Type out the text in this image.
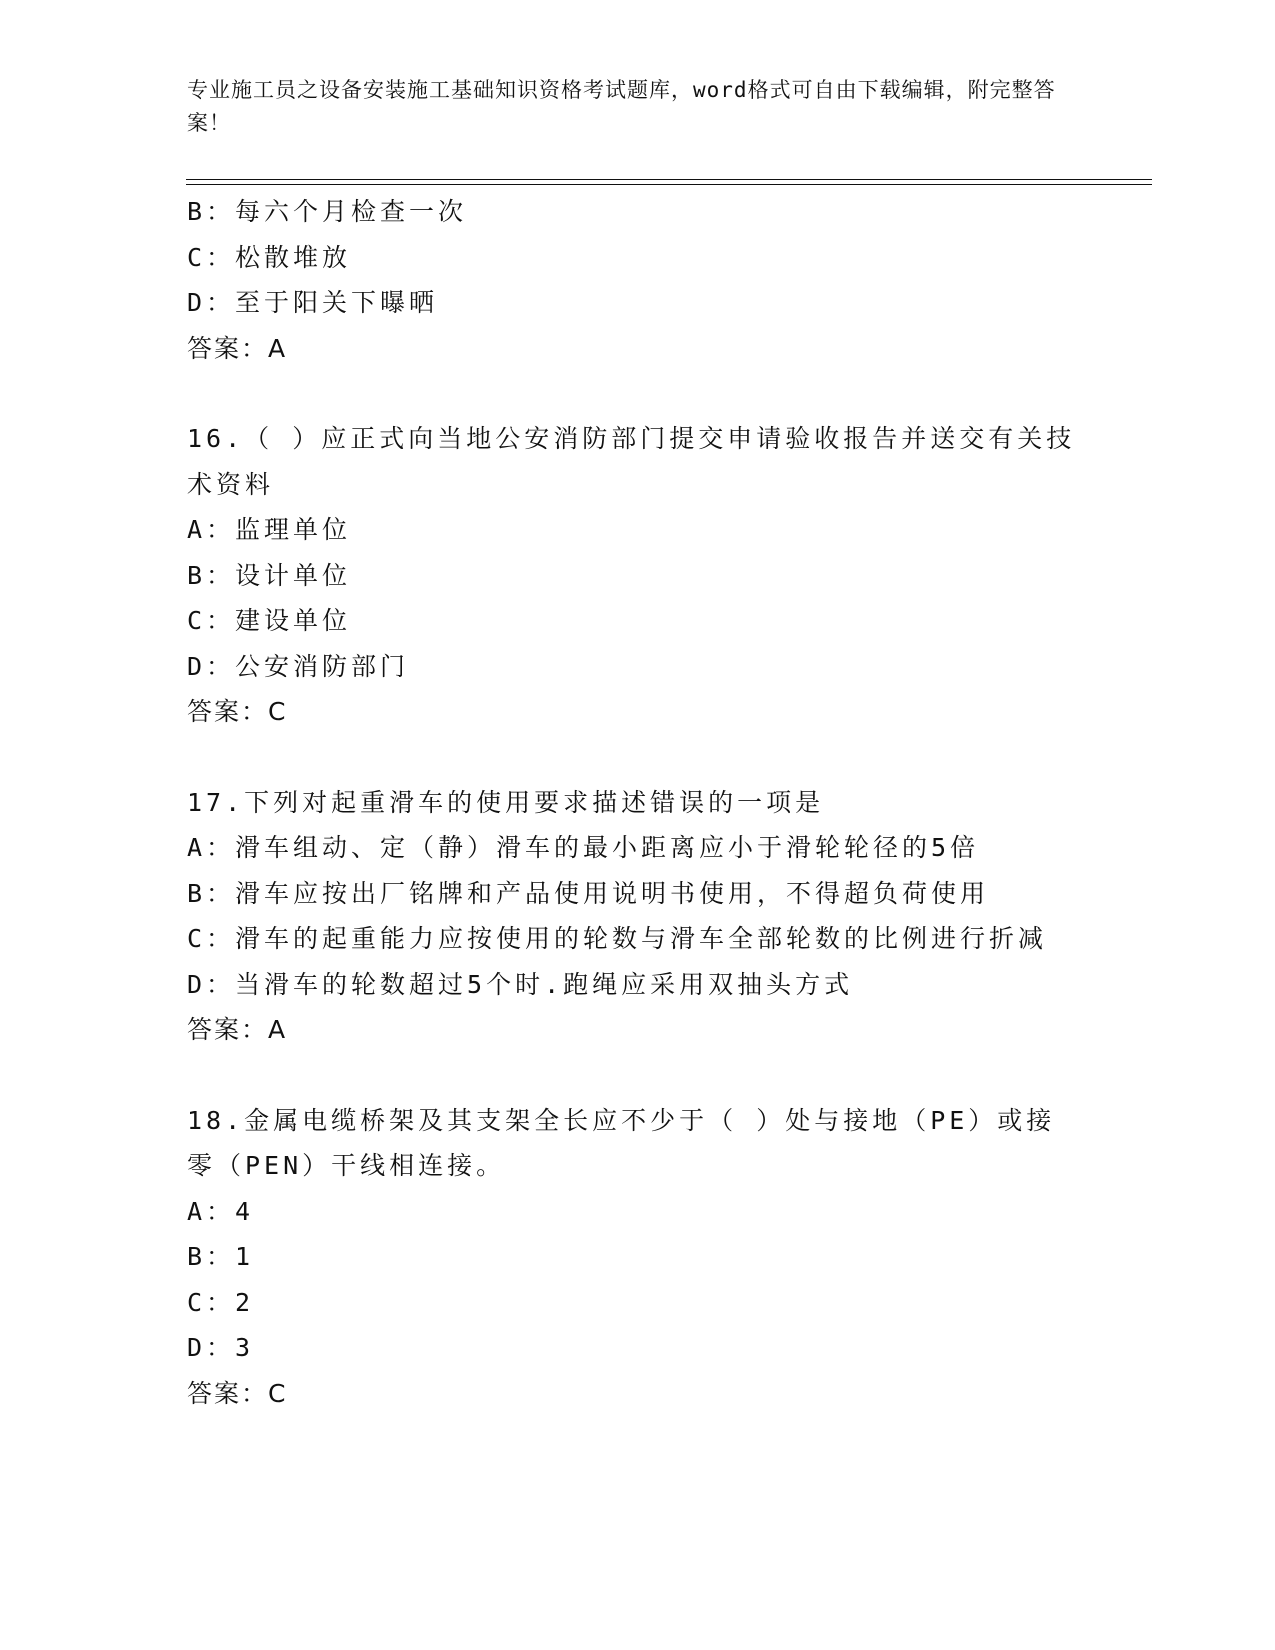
专业施工员之设备安装施工基础知识资格考试题库，word格式可自由下载编辑，附完整答案！
B：每六个月检查一次
C：松散堆放
D：至于阳关下曝晒
答案：A
16.（ ）应正式向当地公安消防部门提交申请验收报告并送交有关技术资料
A：监理单位
B：设计单位
C：建设单位
D：公安消防部门
答案：C
17.下列对起重滑车的使用要求描述错误的一项是
A：滑车组动、定（静）滑车的最小距离应小于滑轮轮径的5倍
B：滑车应按出厂铭牌和产品使用说明书使用，不得超负荷使用
C：滑车的起重能力应按使用的轮数与滑车全部轮数的比例进行折减
D：当滑车的轮数超过5个时.跑绳应采用双抽头方式
答案：A
18.金属电缆桥架及其支架全长应不少于（ ）处与接地（PE）或接零（PEN）干线相连接。
A：4
B：1
C：2
D：3
答案：C
